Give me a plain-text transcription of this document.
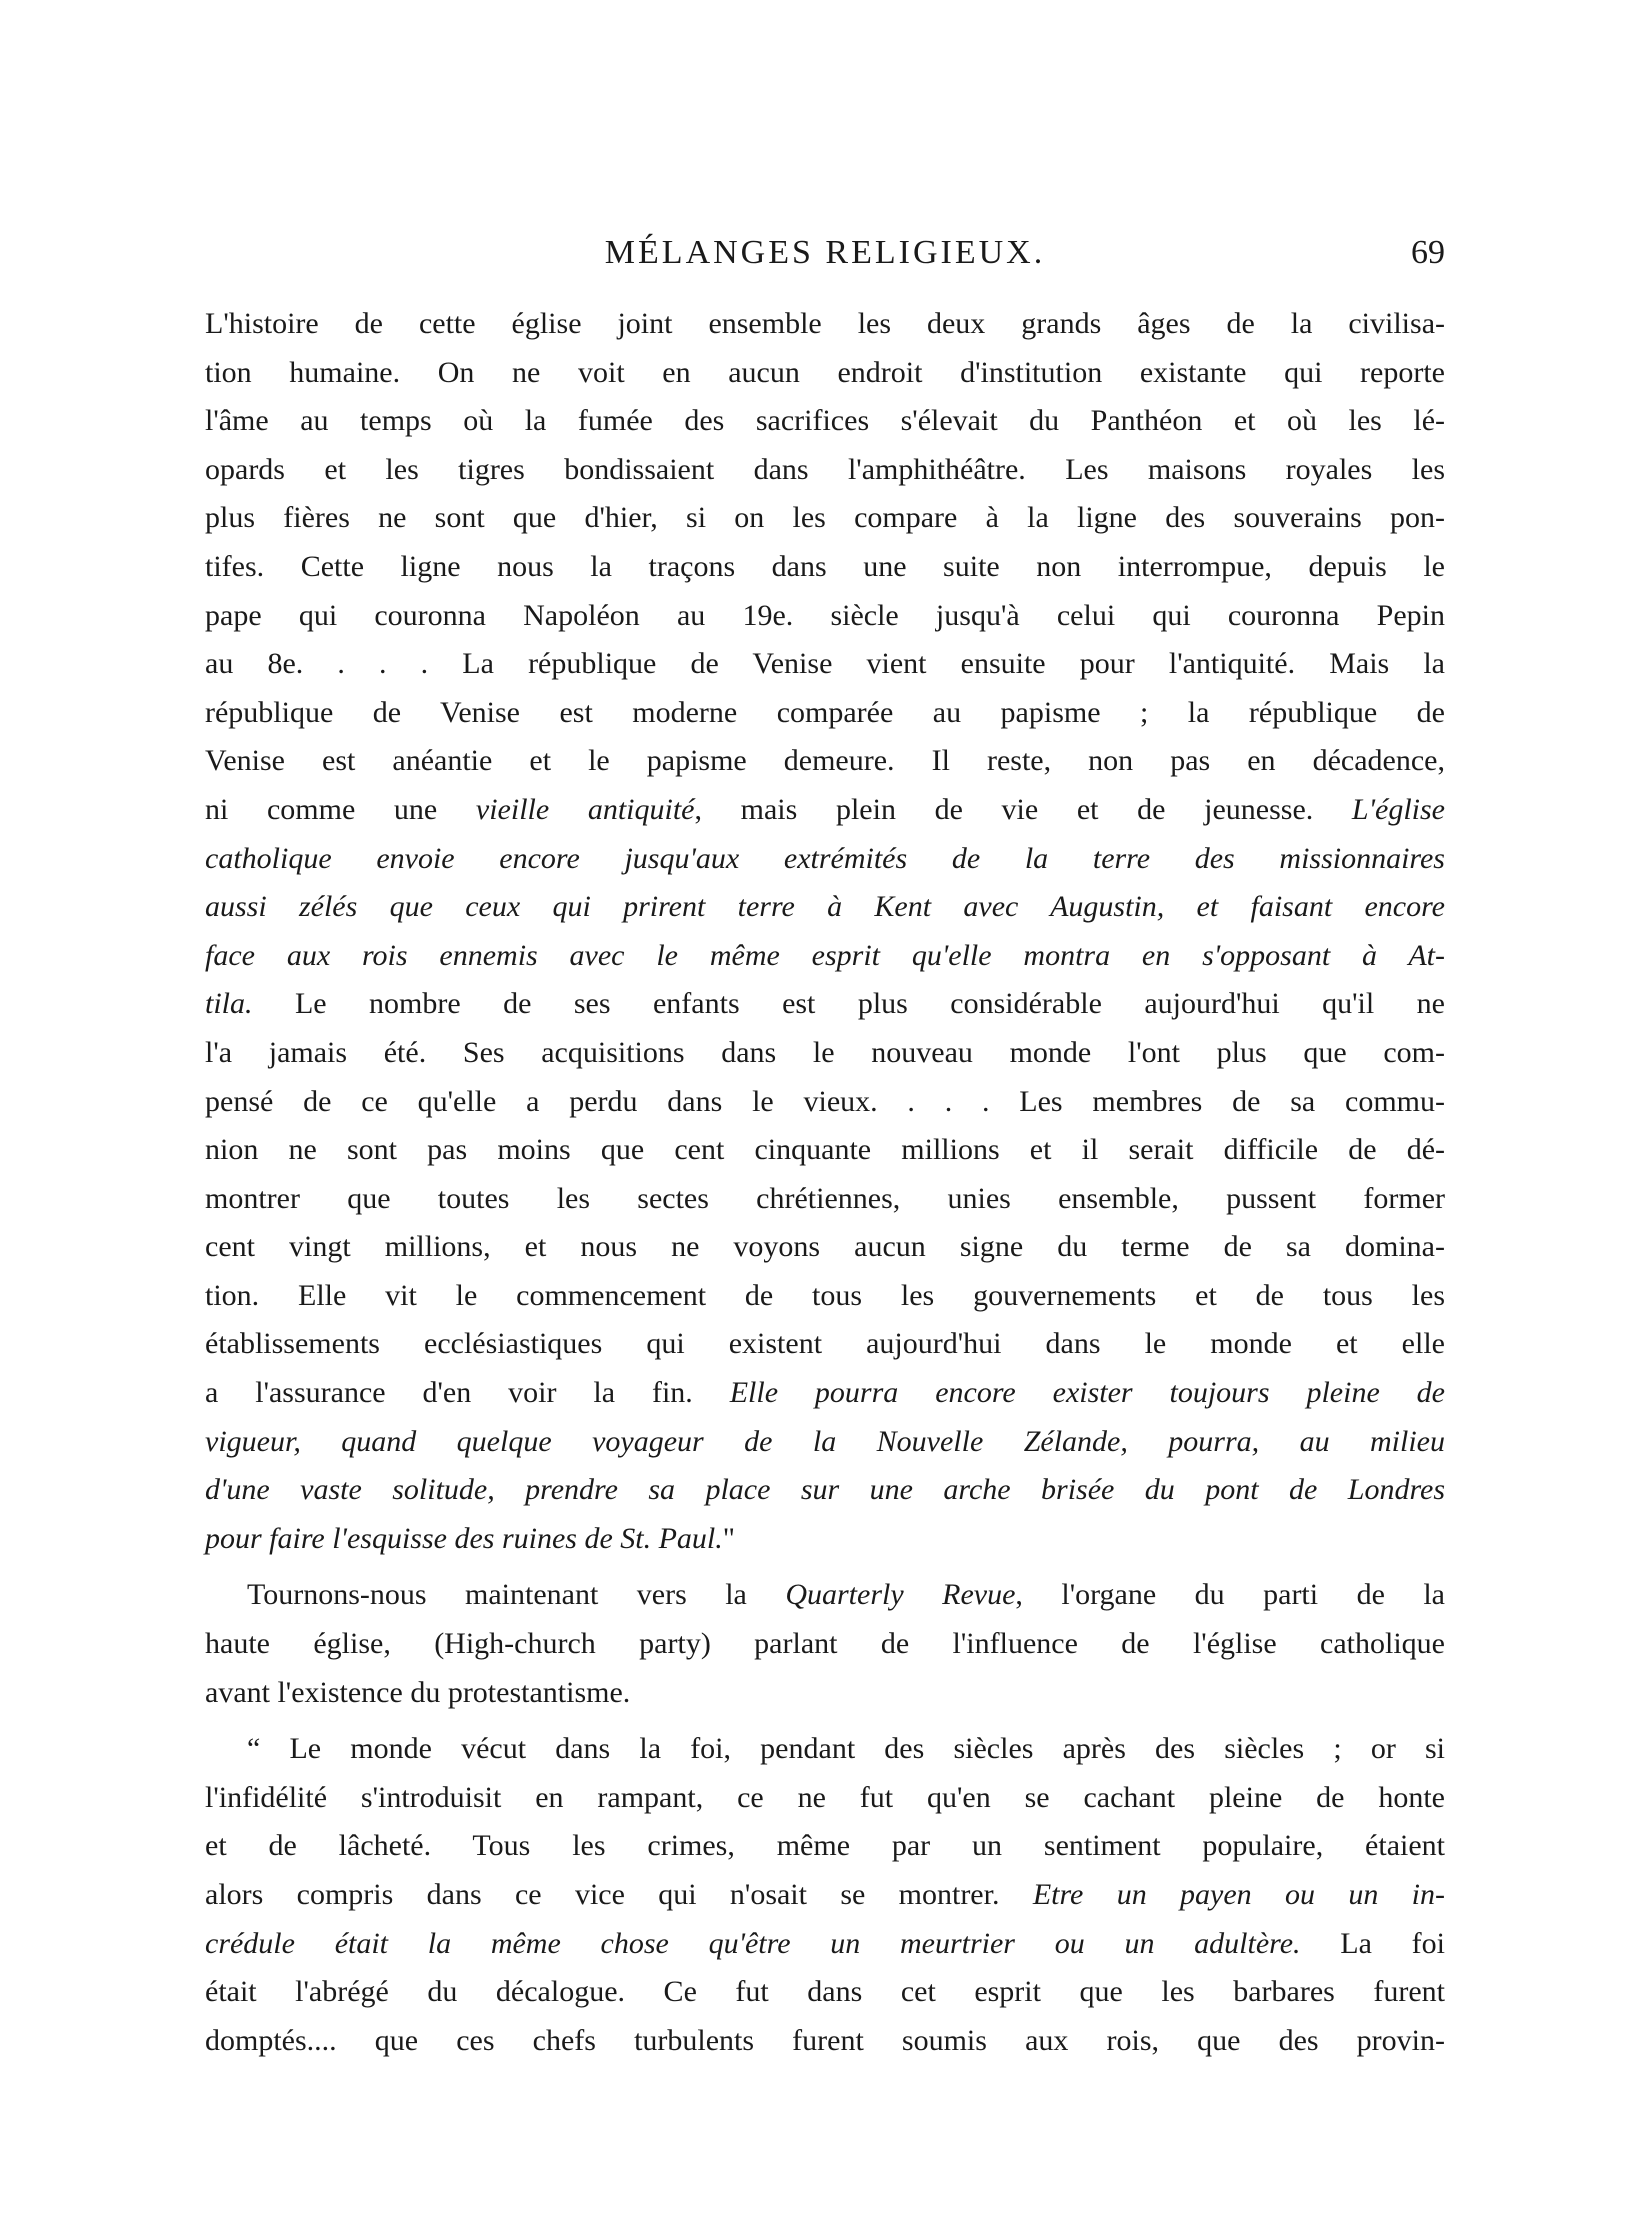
MÉLANGES RELIGIEUX.	69
L'histoire de cette église joint ensemble les deux grands âges de la civilisa-
tion humaine. On ne voit en aucun endroit d'institution existante qui reporte
l'âme au temps où la fumée des sacrifices s'élevait du Panthéon et où les lé-
opards et les tigres bondissaient dans l'amphithéâtre. Les maisons royales les
plus fières ne sont que d'hier, si on les compare à la ligne des souverains pon-
tifes. Cette ligne nous la traçons dans une suite non interrompue, depuis le
pape qui couronna Napoléon au 19e. siècle jusqu'à celui qui couronna Pepin
au 8e. . . . La république de Venise vient ensuite pour l'antiquité. Mais la
république de Venise est moderne comparée au papisme ; la république de
Venise est anéantie et le papisme demeure. Il reste, non pas en décadence,
ni comme une vieille antiquité, mais plein de vie et de jeunesse. L'église
catholique envoie encore jusqu'aux extrémités de la terre des missionnaires
aussi zélés que ceux qui prirent terre à Kent avec Augustin, et faisant encore
face aux rois ennemis avec le même esprit qu'elle montra en s'opposant à At-
tila. Le nombre de ses enfants est plus considérable aujourd'hui qu'il ne
l'a jamais été. Ses acquisitions dans le nouveau monde l'ont plus que com-
pensé de ce qu'elle a perdu dans le vieux. . . . Les membres de sa commu-
nion ne sont pas moins que cent cinquante millions et il serait difficile de dé-
montrer que toutes les sectes chrétiennes, unies ensemble, pussent former
cent vingt millions, et nous ne voyons aucun signe du terme de sa domina-
tion. Elle vit le commencement de tous les gouvernements et de tous les
établissements ecclésiastiques qui existent aujourd'hui dans le monde et elle
a l'assurance d'en voir la fin. Elle pourra encore exister toujours pleine de
vigueur, quand quelque voyageur de la Nouvelle Zélande, pourra, au milieu
d'une vaste solitude, prendre sa place sur une arche brisée du pont de Londres
pour faire l'esquisse des ruines de St. Paul."
Tournons-nous maintenant vers la Quarterly Revue, l'organe du parti de la
haute église, (High-church party) parlant de l'influence de l'église catholique
avant l'existence du protestantisme.
“ Le monde vécut dans la foi, pendant des siècles après des siècles ; or si
l'infidélité s'introduisit en rampant, ce ne fut qu'en se cachant pleine de honte
et de lâcheté. Tous les crimes, même par un sentiment populaire, étaient
alors compris dans ce vice qui n'osait se montrer. Etre un payen ou un in-
crédule était la même chose qu'être un meurtrier ou un adultère. La foi
était l'abrégé du décalogue. Ce fut dans cet esprit que les barbares furent
domptés.... que ces chefs turbulents furent soumis aux rois, que des provin-
